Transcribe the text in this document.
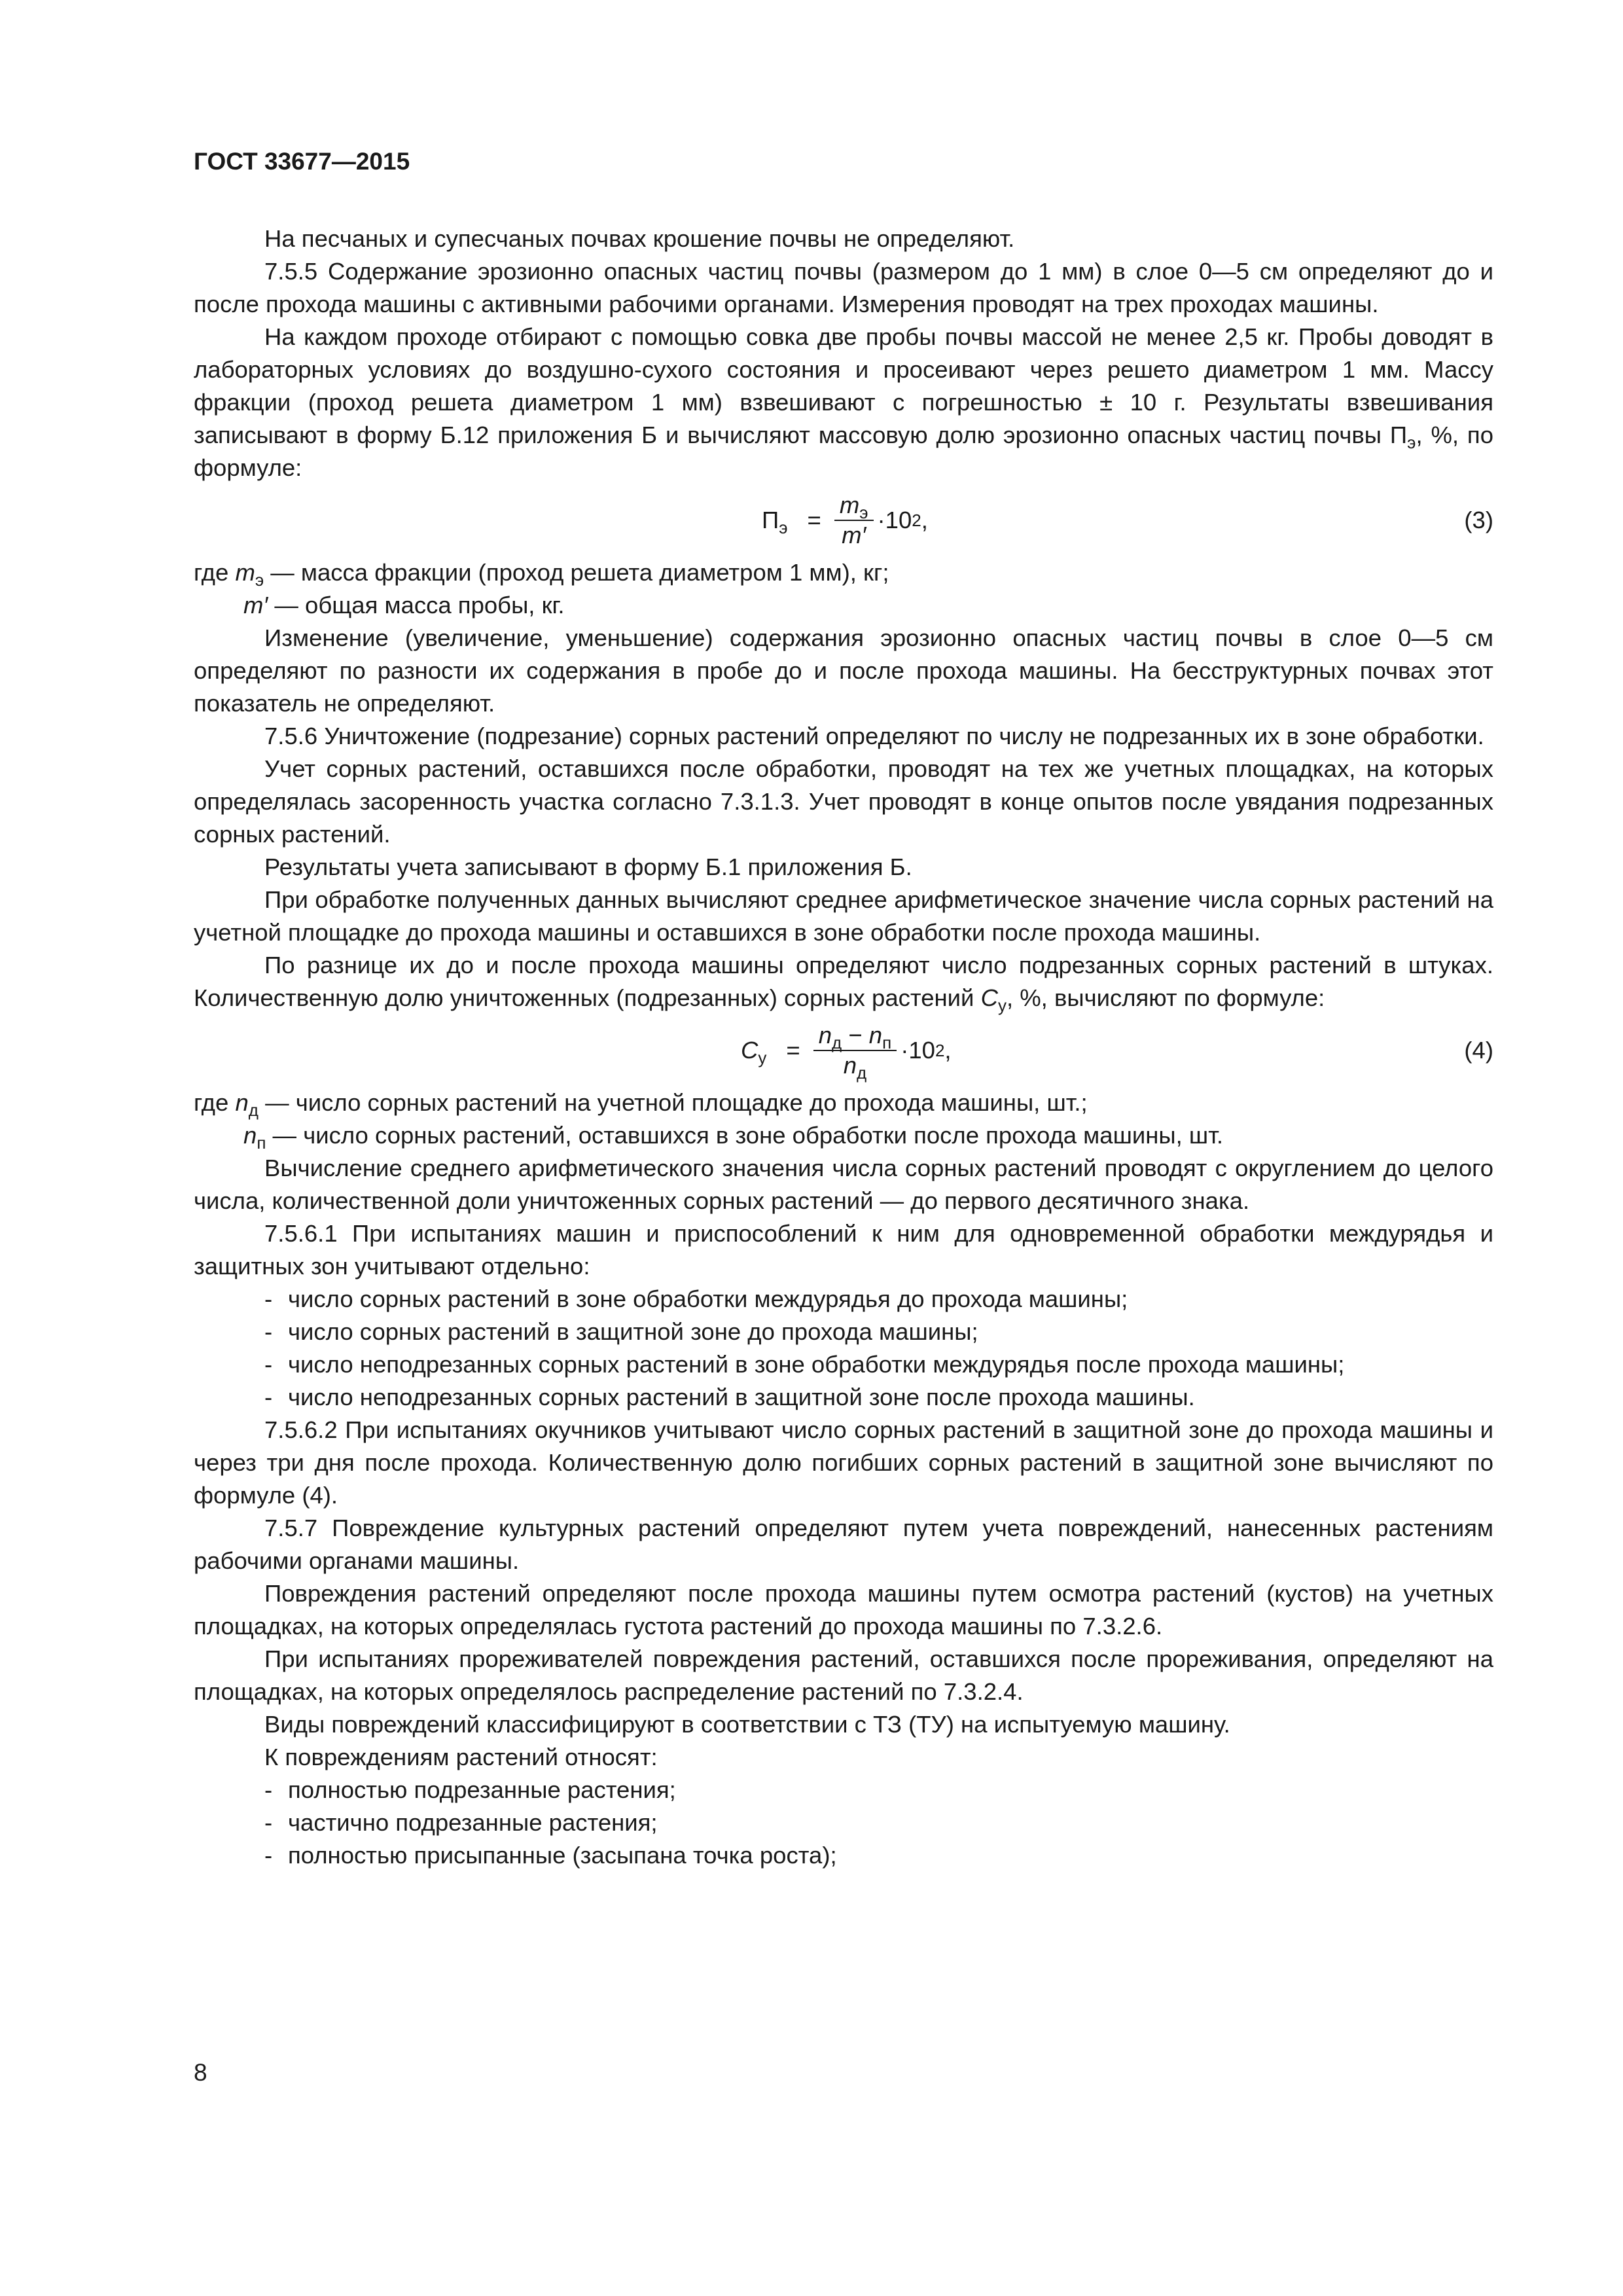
ГОСТ 33677—2015

На песчаных и супесчаных почвах крошение почвы не определяют.

7.5.5 Содержание эрозионно опасных частиц почвы (размером до 1 мм) в слое 0—5 см определяют до и после прохода машины с активными рабочими органами. Измерения проводят на трех проходах машины.

На каждом проходе отбирают с помощью совка две пробы почвы массой не менее 2,5 кг. Пробы доводят в лабораторных условиях до воздушно-сухого состояния и просеивают через решето диаметром 1 мм. Массу фракции (проход решета диаметром 1 мм) взвешивают с погрешностью ± 10 г. Результаты взвешивания записывают в форму Б.12 приложения Б и вычисляют массовую долю эрозионно опасных частиц почвы $П_э$, %, по формуле:

$П_э = \frac{m_э}{m'} \cdot 10$ 2 ,	(3)

где $m_э$ — масса фракции (проход решета диаметром 1 мм), кг;

m′ — общая масса пробы, кг.

Изменение (увеличение, уменьшение) содержания эрозионно опасных частиц почвы в слое 0—5 см определяют по разности их содержания в пробе до и после прохода машины. На бесструктурных почвах этот показатель не определяют.

7.5.6 Уничтожение (подрезание) сорных растений определяют по числу не подрезанных их в зоне обработки.

Учет сорных растений, оставшихся после обработки, проводят на тех же учетных площадках, на которых определялась засоренность участка согласно 7.3.1.3. Учет проводят в конце опытов после увядания подрезанных сорных растений.

Результаты учета записывают в форму Б.1 приложения Б.

При обработке полученных данных вычисляют среднее арифметическое значение числа сорных растений на учетной площадке до прохода машины и оставшихся в зоне обработки после прохода машины.

По разнице их до и после прохода машины определяют число подрезанных сорных растений в штуках. Количественную долю уничтоженных (подрезанных) сорных растений $С_у$, %, вычисляют по формуле:

$С_у = \frac{n_д - n_п}{n_д} \cdot 10$ 2 ,	(4)

где $n_д$ — число сорных растений на учетной площадке до прохода машины, шт.;

$n_п$ — число сорных растений, оставшихся в зоне обработки после прохода машины, шт.

Вычисление среднего арифметического значения числа сорных растений проводят с округлением до целого числа, количественной доли уничтоженных сорных растений — до первого десятичного знака.

7.5.6.1 При испытаниях машин и приспособлений к ним для одновременной обработки междурядья и защитных зон учитывают отдельно:

- число сорных растений в зоне обработки междурядья до прохода машины;

- число сорных растений в защитной зоне до прохода машины;

- число неподрезанных сорных растений в зоне обработки междурядья после прохода машины;

- число неподрезанных сорных растений в защитной зоне после прохода машины.

7.5.6.2 При испытаниях окучников учитывают число сорных растений в защитной зоне до прохода машины и через три дня после прохода. Количественную долю погибших сорных растений в защитной зоне вычисляют по формуле (4).

7.5.7 Повреждение культурных растений определяют путем учета повреждений, нанесенных растениям рабочими органами машины.

Повреждения растений определяют после прохода машины путем осмотра растений (кустов) на учетных площадках, на которых определялась густота растений до прохода машины по 7.3.2.6.

При испытаниях прореживателей повреждения растений, оставшихся после прореживания, определяют на площадках, на которых определялось распределение растений по 7.3.2.4.

Виды повреждений классифицируют в соответствии с ТЗ (ТУ) на испытуемую машину.

К повреждениям растений относят:

- полностью подрезанные растения;

- частично подрезанные растения;

- полностью присыпанные (засыпана точка роста);

8
